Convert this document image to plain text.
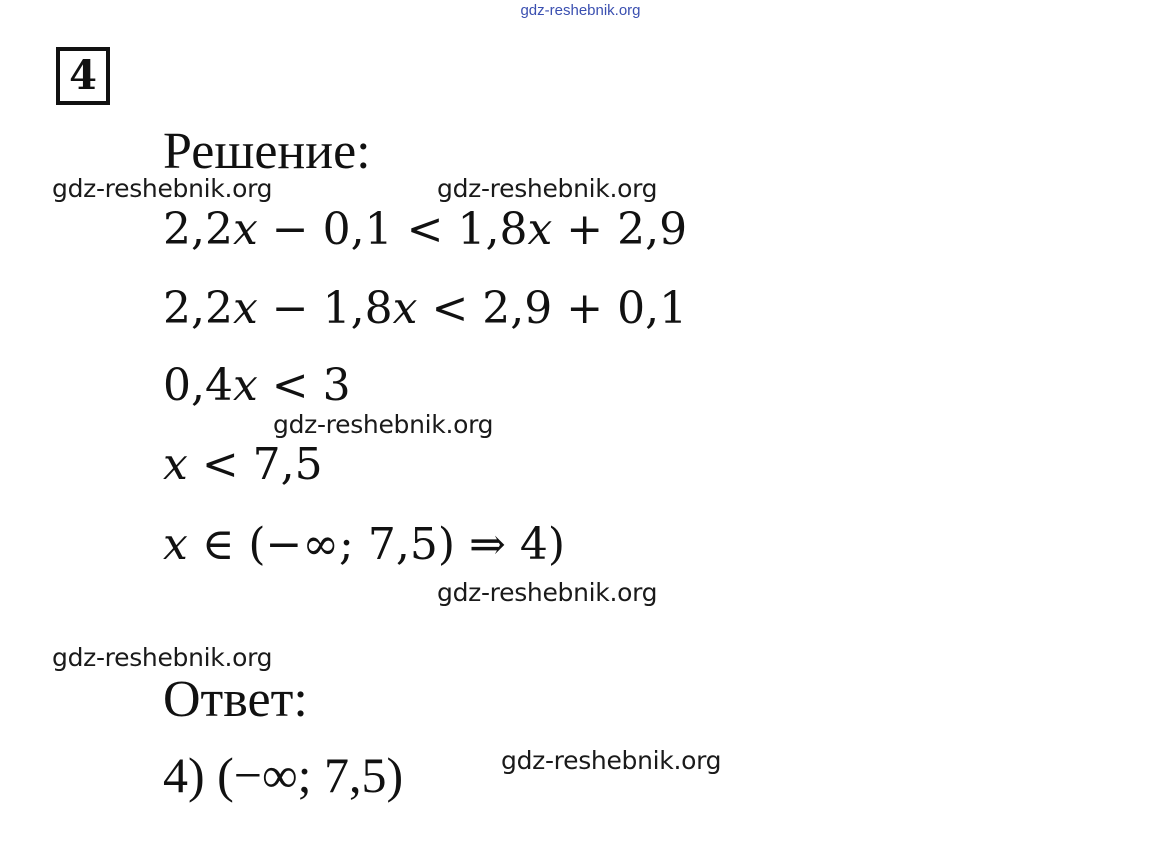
gdz-reshebnik.org
4
Решение:
2,2x − 0,1 < 1,8x + 2,9
2,2x − 1,8x < 2,9 + 0,1
0,4x < 3
x < 7,5
x ∈ (−∞; 7,5) ⇒ 4)
Ответ:
4) (−∞; 7,5)
gdz-reshebnik.org	gdz-reshebnik.org
gdz-reshebnik.org
gdz-reshebnik.org
gdz-reshebnik.org
gdz-reshebnik.org
